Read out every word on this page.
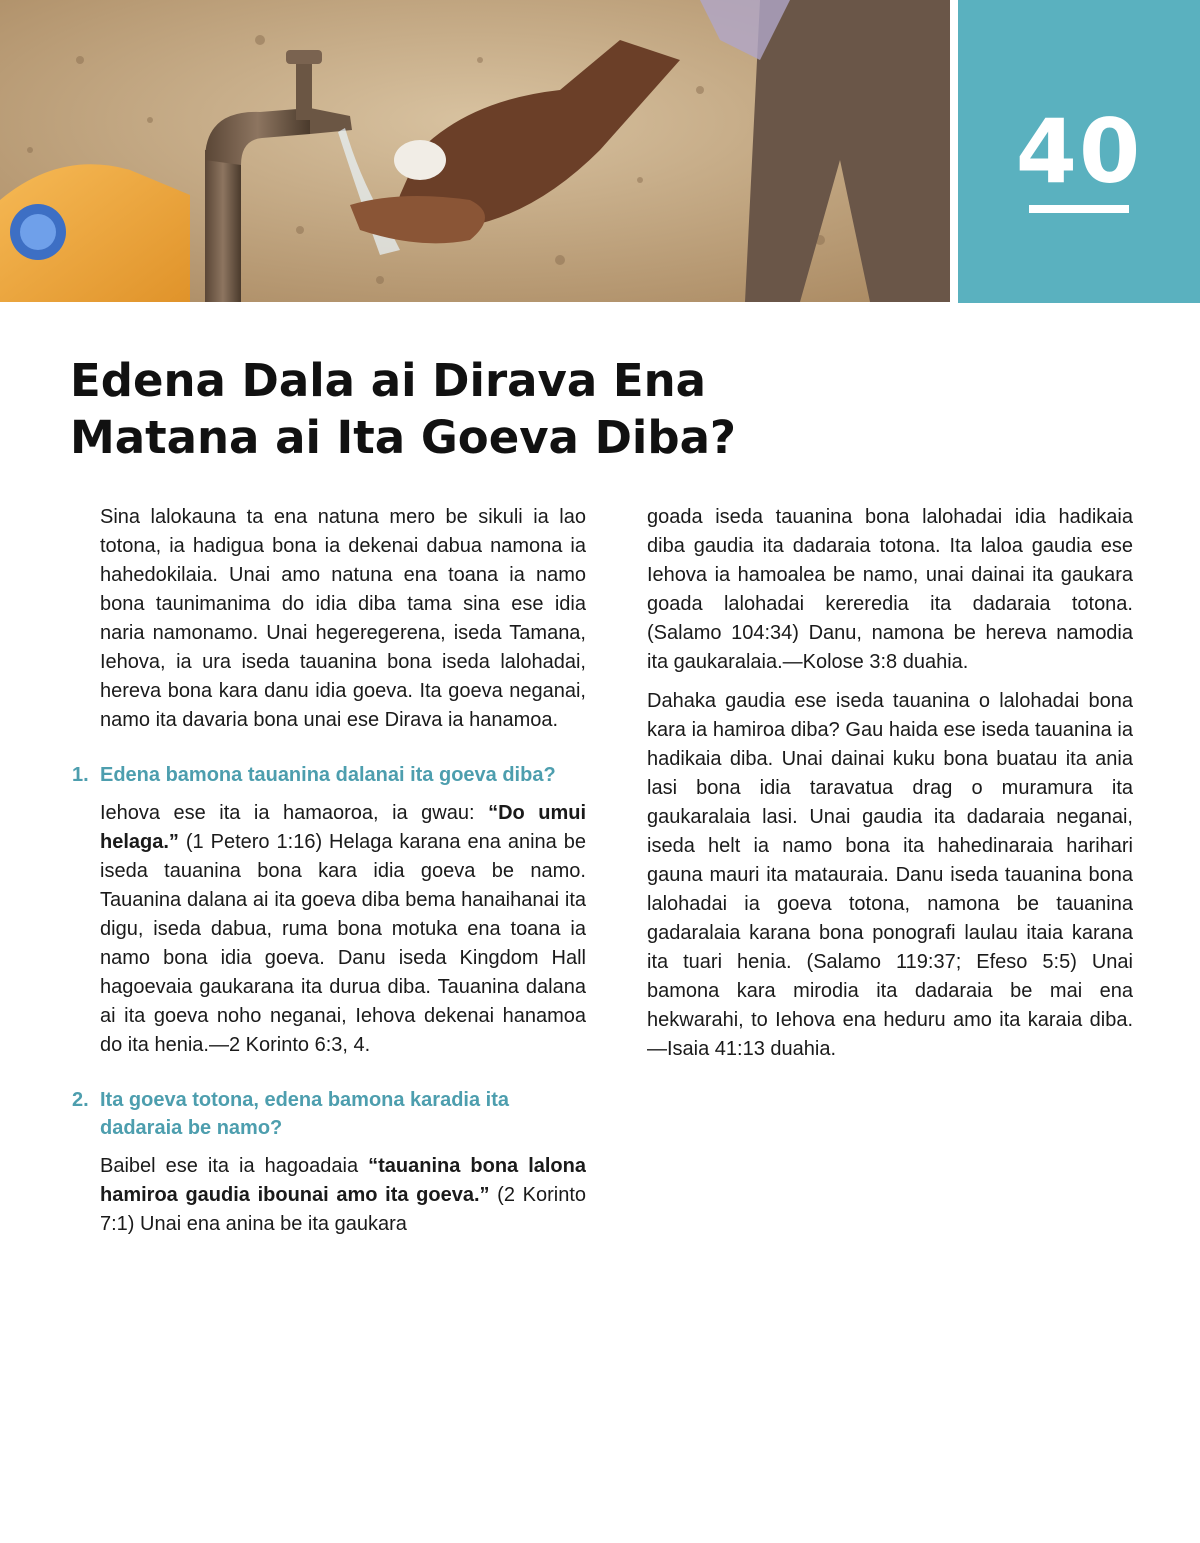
40
Edena Dala ai Dirava Ena
Matana ai Ita Goeva Diba?

Sina lalokauna ta ena natuna mero be sikuli ia lao totona, ia hadigua bona ia dekenai dabua namona ia hahedokilaia. Unai amo natuna ena toana ia namo bona taunimanima do idia diba tama sina ese idia naria namonamo. Unai hegeregerena, iseda Tamana, Iehova, ia ura iseda tauanina bona iseda lalohadai, hereva bona kara danu idia goeva. Ita goeva neganai, namo ita davaria bona unai ese Dirava ia hanamoa.

1. Edena bamona tauanina dalanai ita goeva diba?

Iehova ese ita ia hamaoroa, ia gwau: “Do umui helaga.” (1 Petero 1:16) Helaga karana ena anina be iseda tauanina bona kara idia goeva be namo. Tauanina dalana ai ita goeva diba bema hanaihanai ita digu, iseda dabua, ruma bona motuka ena toana ia namo bona idia goeva. Danu iseda Kingdom Hall hagoevaia gaukarana ita durua diba. Tauanina dalana ai ita goeva noho neganai, Iehova dekenai hanamoa do ita henia.—2 Korinto 6:3, 4.

2. Ita goeva totona, edena bamona karadia ita dadaraia be namo?

Baibel ese ita ia hagoadaia “tauanina bona lalona hamiroa gaudia ibounai amo ita goeva.” (2 Korinto 7:1) Unai ena anina be ita gaukara

goada iseda tauanina bona lalohadai idia hadikaia diba gaudia ita dadaraia totona. Ita laloa gaudia ese Iehova ia hamoalea be namo, unai dainai ita gaukara goada lalohadai kereredia ita dadaraia totona. (Salamo 104:34) Danu, namona be hereva namodia ita gaukaralaia.—Kolose 3:8 duahia.

Dahaka gaudia ese iseda tauanina o lalohadai bona kara ia hamiroa diba? Gau haida ese iseda tauanina ia hadikaia diba. Unai dainai kuku bona buatau ita ania lasi bona idia taravatua drag o muramura ita gaukaralaia lasi. Unai gaudia ita dadaraia neganai, iseda helt ia namo bona ita hahedinaraia harihari gauna mauri ita matauraia. Danu iseda tauanina bona lalohadai ia goeva totona, namona be tauanina gadaralaia karana bona ponografi laulau itaia karana ita tuari henia. (Salamo 119:37; Efeso 5:5) Unai bamona kara mirodia ita dadaraia be mai ena hekwarahi, to Iehova ena heduru amo ita karaia diba.—Isaia 41:13 duahia.
